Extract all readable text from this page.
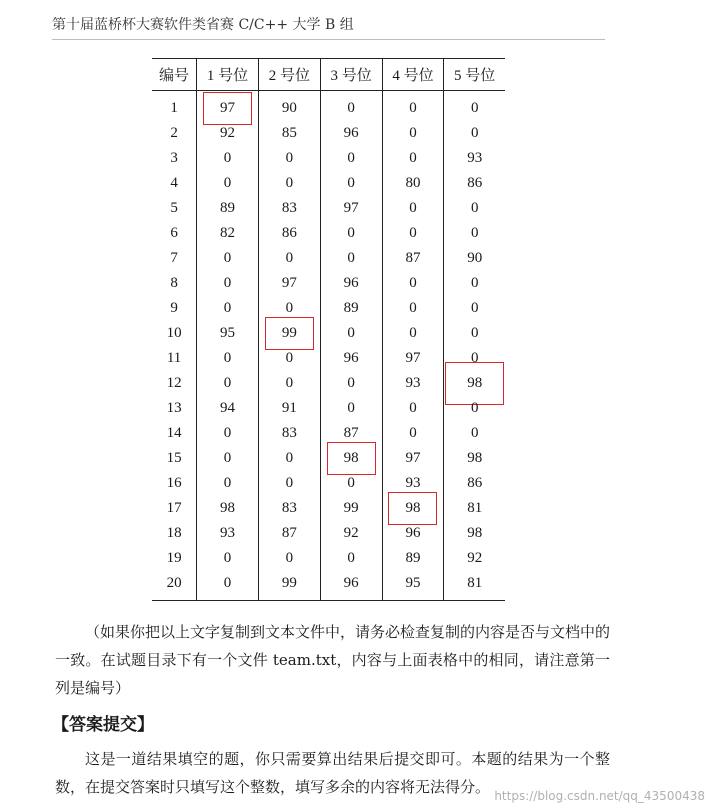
第十届蓝桥杯大赛软件类省赛 C/C++ 大学 B 组
编号	1 号位	2 号位	3 号位	4 号位	5 号位
1	97	90	0	0	0
2	92	85	96	0	0
3	0	0	0	0	93
4	0	0	0	80	86
5	89	83	97	0	0
6	82	86	0	0	0
7	0	0	0	87	90
8	0	97	96	0	0
9	0	0	89	0	0
10	95	99	0	0	0
11	0	0	96	97	0
12	0	0	0	93	98
13	94	91	0	0	0
14	0	83	87	0	0
15	0	0	98	97	98
16	0	0	0	93	86
17	98	83	99	98	81
18	93	87	92	96	98
19	0	0	0	89	92
20	0	99	96	95	81

（如果你把以上文字复制到文本文件中，请务必检查复制的内容是否与文档中的一致。在试题目录下有一个文件 team.txt，内容与上面表格中的相同，请注意第一列是编号）

【答案提交】

这是一道结果填空的题，你只需要算出结果后提交即可。本题的结果为一个整数，在提交答案时只填写这个整数，填写多余的内容将无法得分。 https://blog.csdn.net/qq_43500438
